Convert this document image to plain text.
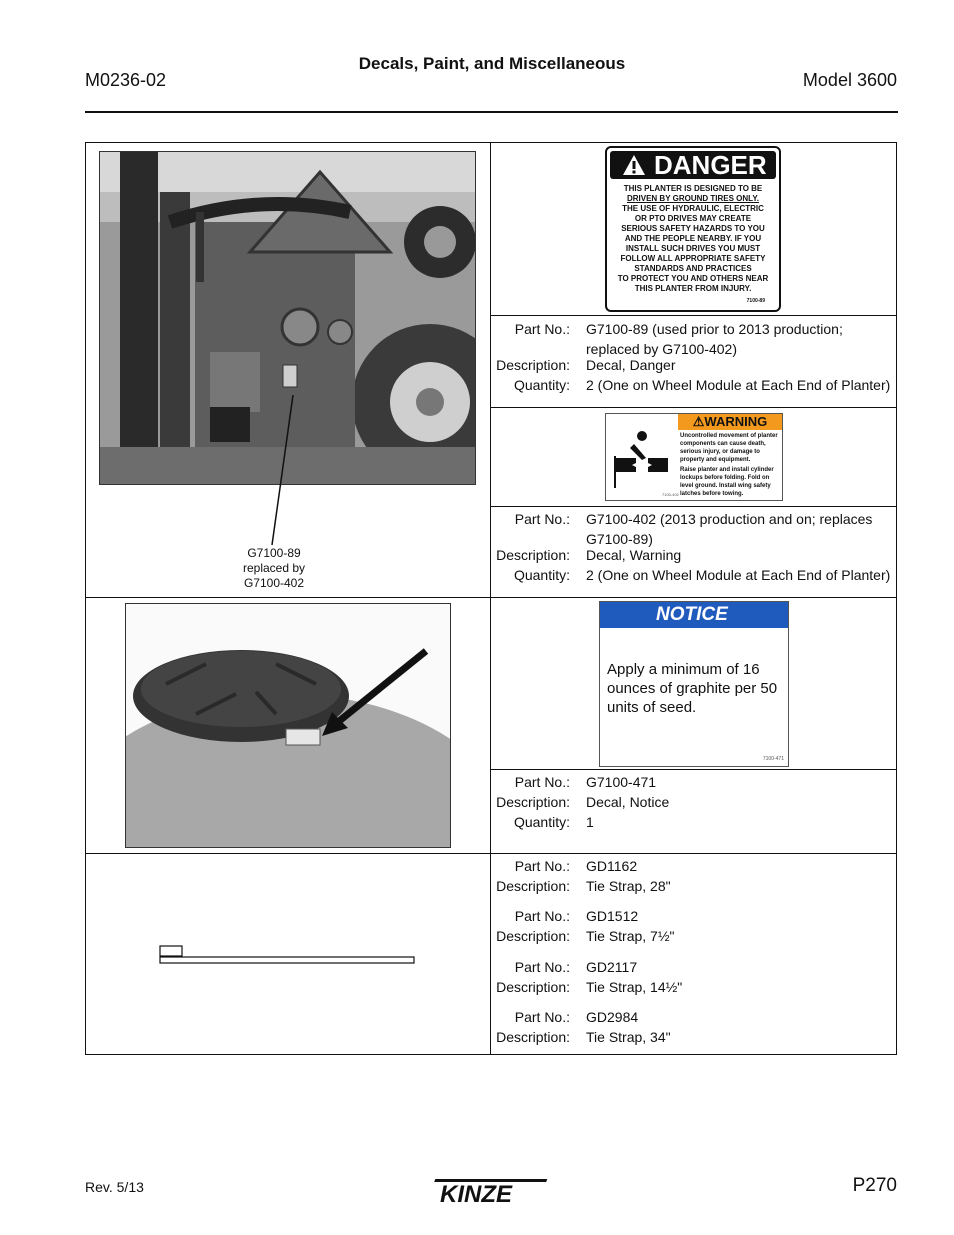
M0236-02
Decals, Paint, and Miscellaneous
Model 3600
G7100-89
replaced by
G7100-402
DANGER
THIS PLANTER IS DESIGNED TO BE
DRIVEN BY GROUND TIRES ONLY.
THE USE OF HYDRAULIC, ELECTRIC
OR PTO DRIVES MAY CREATE
SERIOUS SAFETY HAZARDS TO YOU
AND THE PEOPLE NEARBY. IF YOU
INSTALL SUCH DRIVES YOU MUST
FOLLOW ALL APPROPRIATE SAFETY
STANDARDS AND PRACTICES
TO PROTECT YOU AND OTHERS NEAR
THIS PLANTER FROM INJURY.
7100-89
Part No.: G7100-89 (used prior to 2013 production; replaced by G7100-402)
Description: Decal, Danger
Quantity: 2 (One on Wheel Module at Each End of Planter)
⚠WARNING
Uncontrolled movement of planter components can cause death, serious injury, or damage to property and equipment.
Raise planter and install cylinder lockups before folding. Fold on level ground. Install wing safety latches before towing.
7100-402
Part No.: G7100-402 (2013 production and on; replaces G7100-89)
Description: Decal, Warning
Quantity: 2 (One on Wheel Module at Each End of Planter)
NOTICE
Apply a minimum of 16 ounces of graphite per 50 units of seed.
7100-471
Part No.: G7100-471
Description: Decal, Notice
Quantity: 1
Part No.: GD1162
Description: Tie Strap, 28"
Part No.: GD1512
Description: Tie Strap, 7½"
Part No.: GD2117
Description: Tie Strap, 14½"
Part No.: GD2984
Description: Tie Strap, 34"
Rev. 5/13	KINZE	P270
